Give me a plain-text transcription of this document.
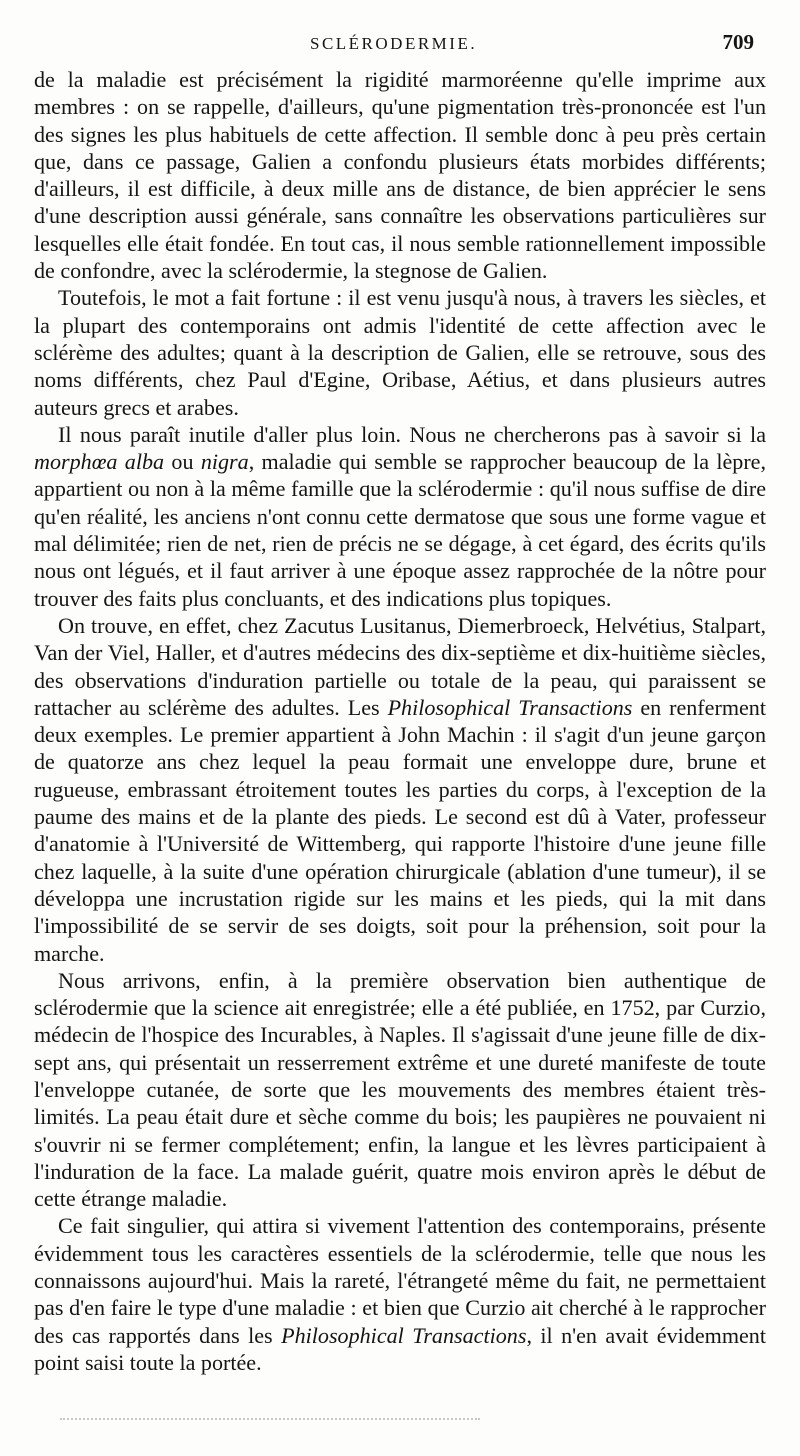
SCLÉRODERMIE.	709

de la maladie est précisément la rigidité marmoréenne qu'elle imprime aux membres : on se rappelle, d'ailleurs, qu'une pigmentation très-prononcée est l'un des signes les plus habituels de cette affection. Il semble donc à peu près certain que, dans ce passage, Galien a confondu plusieurs états morbides différents; d'ailleurs, il est difficile, à deux mille ans de distance, de bien apprécier le sens d'une description aussi générale, sans connaître les observations particulières sur lesquelles elle était fondée. En tout cas, il nous semble rationnellement impossible de confondre, avec la sclérodermie, la stegnose de Galien.

Toutefois, le mot a fait fortune : il est venu jusqu'à nous, à travers les siècles, et la plupart des contemporains ont admis l'identité de cette affection avec le sclérème des adultes; quant à la description de Galien, elle se retrouve, sous des noms différents, chez Paul d'Egine, Oribase, Aétius, et dans plusieurs autres auteurs grecs et arabes.

Il nous paraît inutile d'aller plus loin. Nous ne chercherons pas à savoir si la morphœa alba ou nigra, maladie qui semble se rapprocher beaucoup de la lèpre, appartient ou non à la même famille que la sclérodermie : qu'il nous suffise de dire qu'en réalité, les anciens n'ont connu cette dermatose que sous une forme vague et mal délimitée; rien de net, rien de précis ne se dégage, à cet égard, des écrits qu'ils nous ont légués, et il faut arriver à une époque assez rapprochée de la nôtre pour trouver des faits plus concluants, et des indications plus topiques.

On trouve, en effet, chez Zacutus Lusitanus, Diemerbroeck, Helvétius, Stalpart, Van der Viel, Haller, et d'autres médecins des dix-septième et dix-huitième siècles, des observations d'induration partielle ou totale de la peau, qui paraissent se rattacher au sclérème des adultes. Les Philosophical Transactions en renferment deux exemples. Le premier appartient à John Machin : il s'agit d'un jeune garçon de quatorze ans chez lequel la peau formait une enveloppe dure, brune et rugueuse, embrassant étroitement toutes les parties du corps, à l'exception de la paume des mains et de la plante des pieds. Le second est dû à Vater, professeur d'anatomie à l'Université de Wittemberg, qui rapporte l'histoire d'une jeune fille chez laquelle, à la suite d'une opération chirurgicale (ablation d'une tumeur), il se développa une incrustation rigide sur les mains et les pieds, qui la mit dans l'impossibilité de se servir de ses doigts, soit pour la préhension, soit pour la marche.

Nous arrivons, enfin, à la première observation bien authentique de sclérodermie que la science ait enregistrée; elle a été publiée, en 1752, par Curzio, médecin de l'hospice des Incurables, à Naples. Il s'agissait d'une jeune fille de dix-sept ans, qui présentait un resserrement extrême et une dureté manifeste de toute l'enveloppe cutanée, de sorte que les mouvements des membres étaient très-limités. La peau était dure et sèche comme du bois; les paupières ne pouvaient ni s'ouvrir ni se fermer complétement; enfin, la langue et les lèvres participaient à l'induration de la face. La malade guérit, quatre mois environ après le début de cette étrange maladie.

Ce fait singulier, qui attira si vivement l'attention des contemporains, présente évidemment tous les caractères essentiels de la sclérodermie, telle que nous les connaissons aujourd'hui. Mais la rareté, l'étrangeté même du fait, ne permettaient pas d'en faire le type d'une maladie : et bien que Curzio ait cherché à le rapprocher des cas rapportés dans les Philosophical Transactions, il n'en avait évidemment point saisi toute la portée.
